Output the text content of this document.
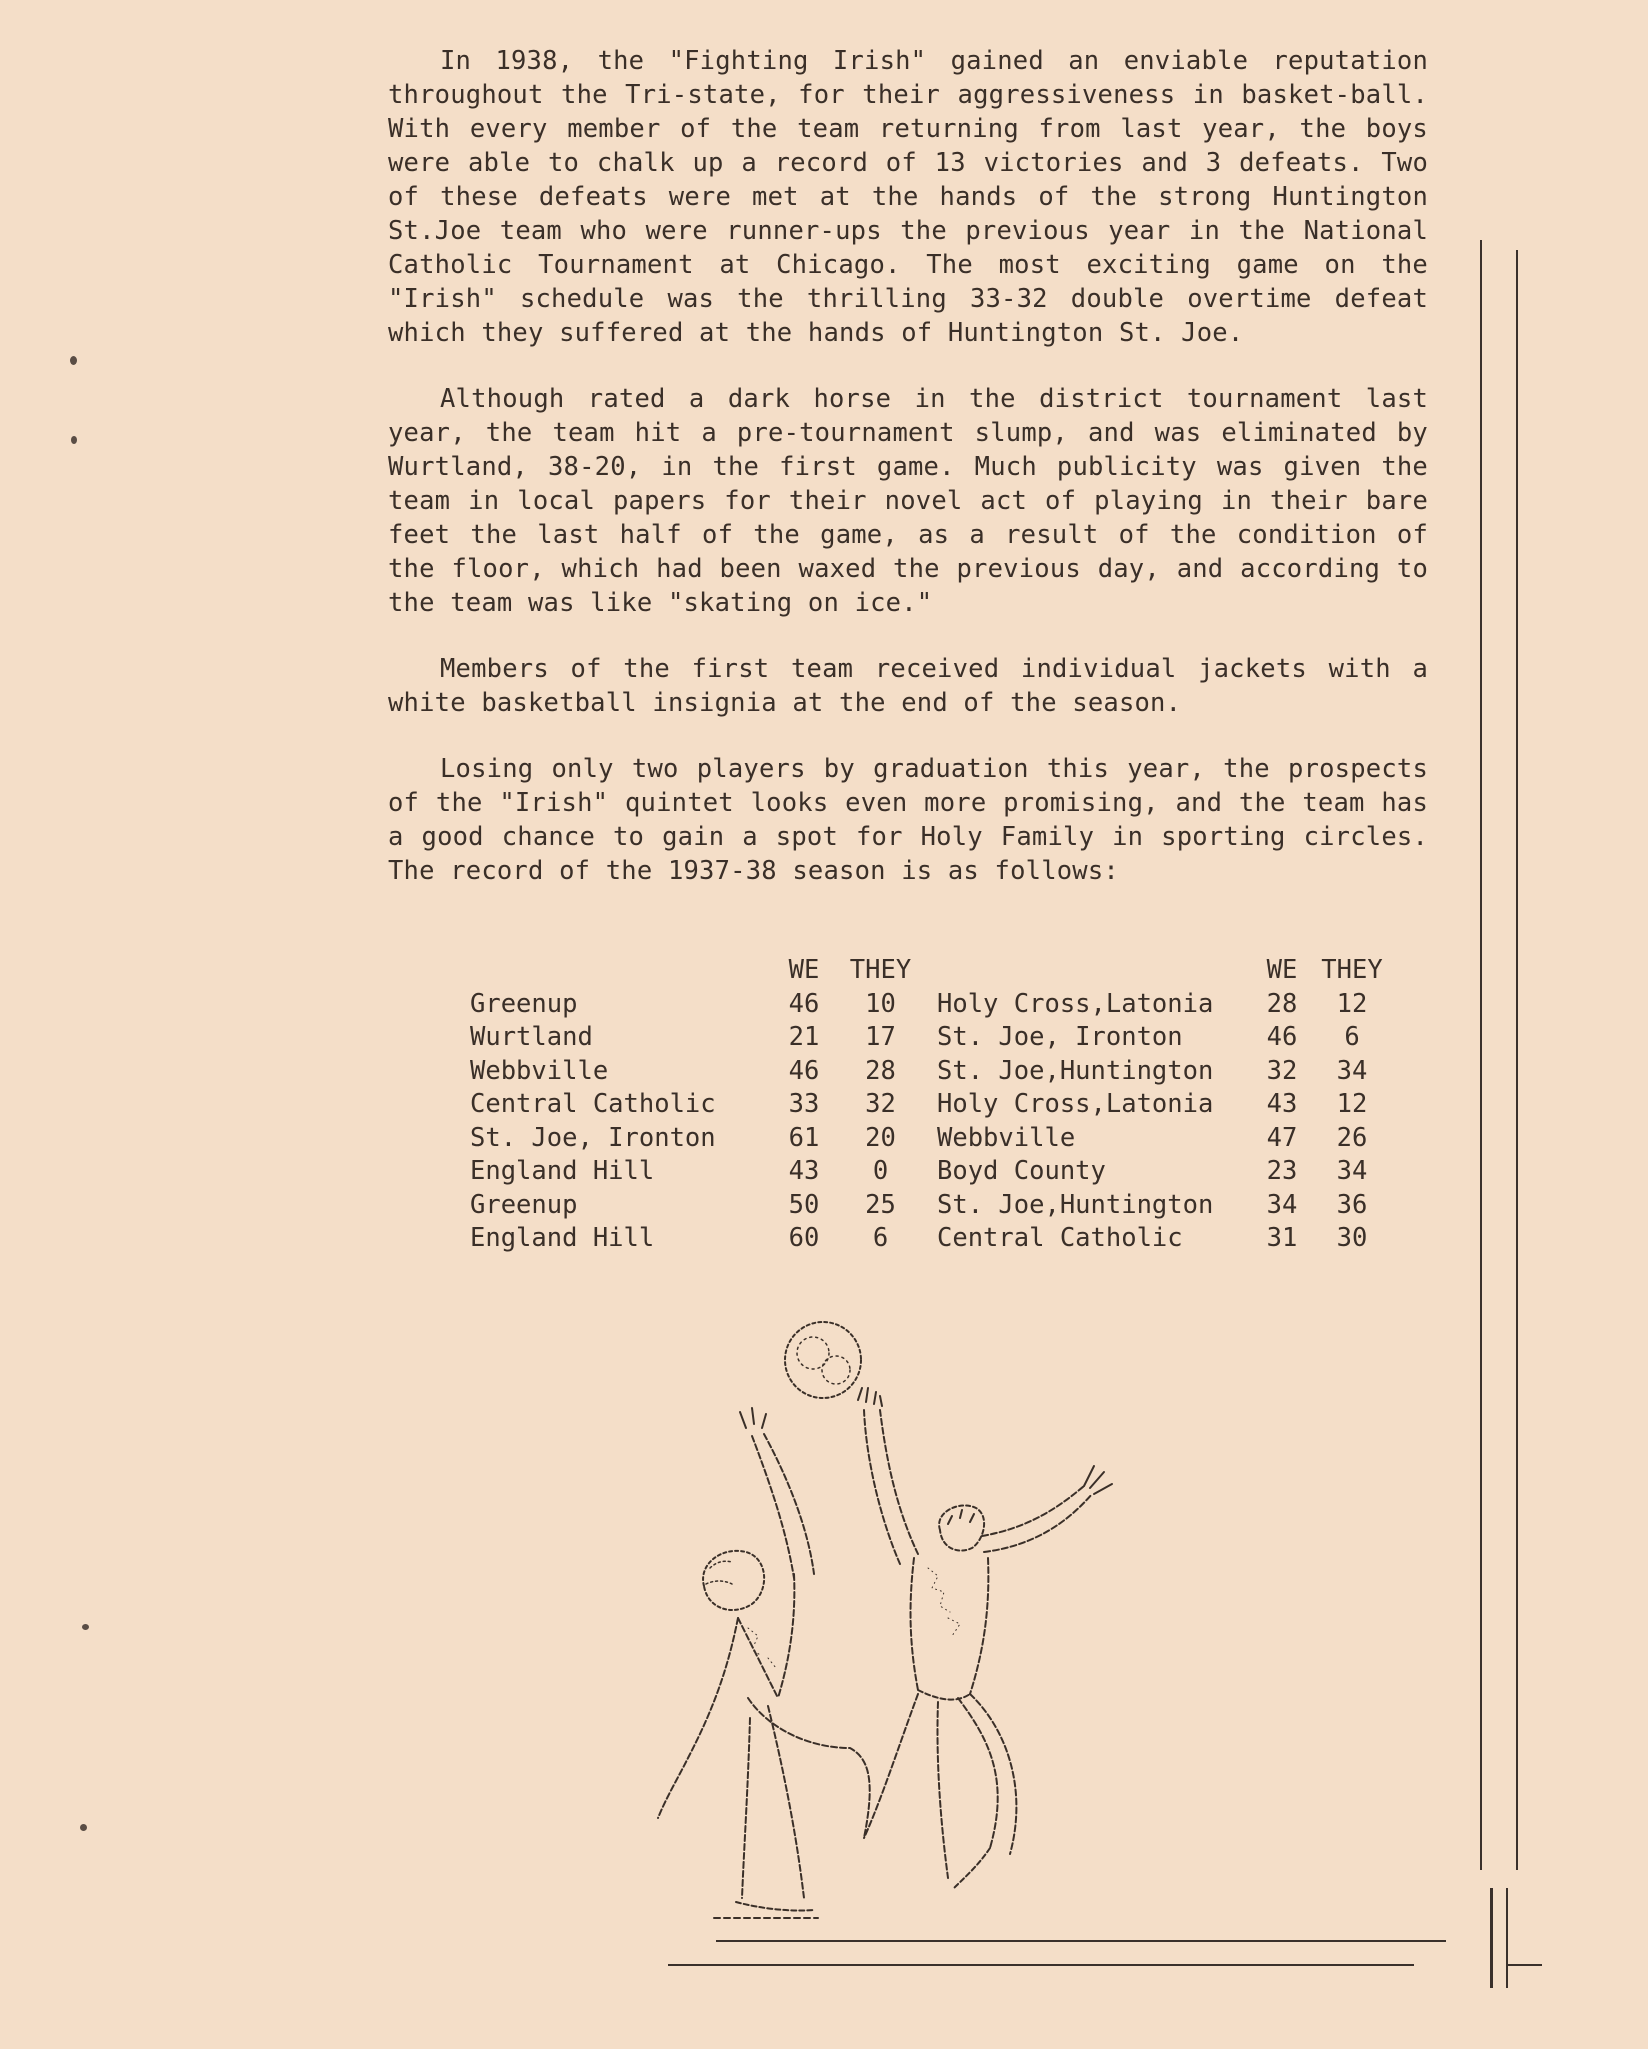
In 1938, the "Fighting Irish" gained an enviable reputation throughout the Tri-state, for their aggressiveness in basket-ball. With every member of the team returning from last year, the boys were able to chalk up a record of 13 victories and 3 defeats. Two of these defeats were met at the hands of the strong Huntington St.Joe team who were runner-ups the previous year in the National Catholic Tournament at Chicago. The most exciting game on the "Irish" schedule was the thrilling 33-32 double overtime defeat which they suffered at the hands of Huntington St. Joe.

Although rated a dark horse in the district tournament last year, the team hit a pre-tournament slump, and was eliminated by Wurtland, 38-20, in the first game. Much publicity was given the team in local papers for their novel act of playing in their bare feet the last half of the game, as a result of the condition of the floor, which had been waxed the previous day, and according to the team was like "skating on ice."

Members of the first team received individual jackets with a white basketball insignia at the end of the season.

Losing only two players by graduation this year, the prospects of the "Irish" quintet looks even more promising, and the team has a good chance to gain a spot for Holy Family in sporting circles. The record of the 1937-38 season is as follows:

	WE	THEY			WE	THEY
Greenup	46	10		Holy Cross,Latonia	28	12
Wurtland	21	17		St. Joe, Ironton	46	6
Webbville	46	28		St. Joe,Huntington	32	34
Central Catholic	33	32		Holy Cross,Latonia	43	12
St. Joe, Ironton	61	20		Webbville	47	26
England Hill	43	0		Boyd County	23	34
Greenup	50	25		St. Joe,Huntington	34	36
England Hill	60	6		Central Catholic	31	30
